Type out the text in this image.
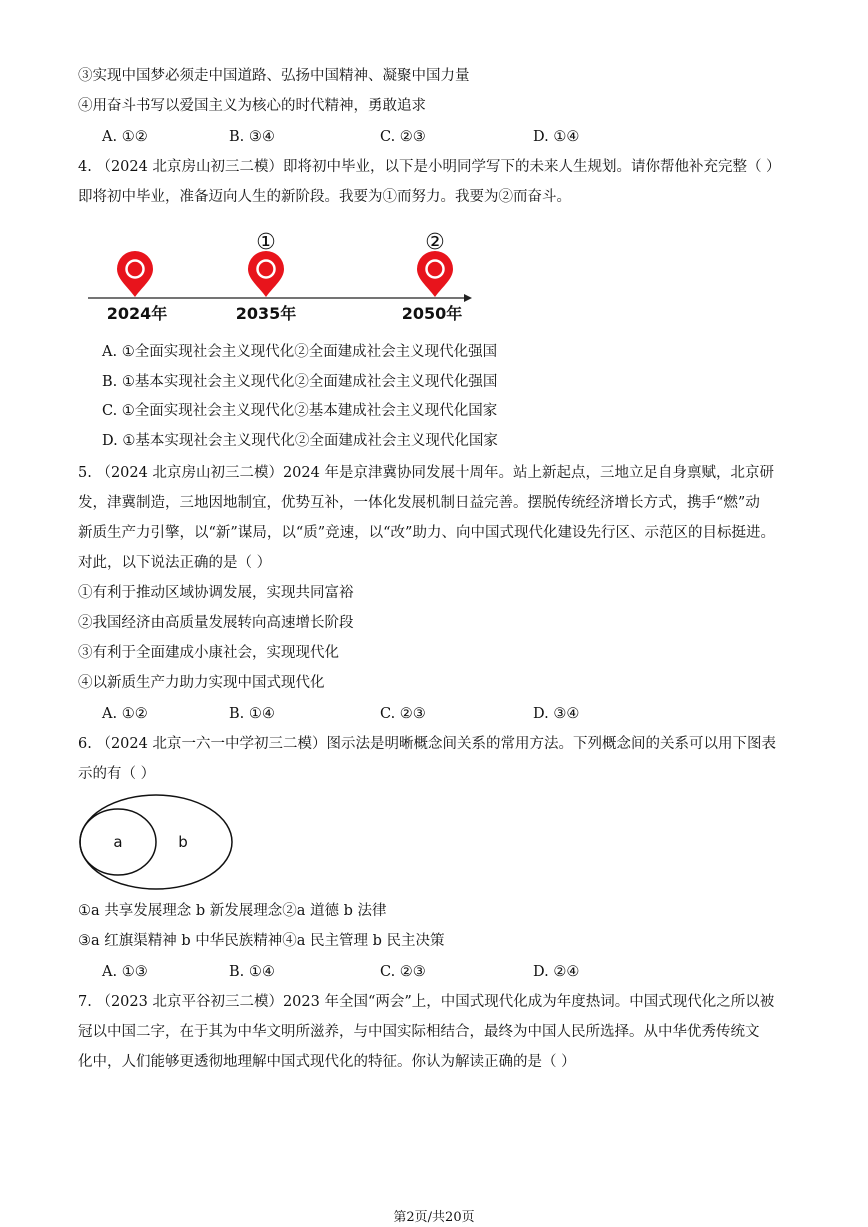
③实现中国梦必须走中国道路、弘扬中国精神、凝聚中国力量
④用奋斗书写以爱国主义为核心的时代精神，勇敢追求
A. ①②	B. ③④	C. ②③	D. ①④
4. （2024 北京房山初三二模）即将初中毕业，以下是小明同学写下的未来人生规划。请你帮他补充完整（ ）
即将初中毕业，准备迈向人生的新阶段。我要为①而努力。我要为②而奋斗。
①	②
2024年	2035年	2050年
A. ①全面实现社会主义现代化②全面建成社会主义现代化强国
B. ①基本实现社会主义现代化②全面建成社会主义现代化强国
C. ①全面实现社会主义现代化②基本建成社会主义现代化国家
D. ①基本实现社会主义现代化②全面建成社会主义现代化国家
5. （2024 北京房山初三二模）2024 年是京津冀协同发展十周年。站上新起点，三地立足自身禀赋，北京研
发，津冀制造，三地因地制宜，优势互补，一体化发展机制日益完善。摆脱传统经济增长方式，携手“燃”动
新质生产力引擎，以“新”谋局，以“质”竞速，以“改”助力、向中国式现代化建设先行区、示范区的目标挺进。
对此，以下说法正确的是（ ）
①有利于推动区域协调发展，实现共同富裕
②我国经济由高质量发展转向高速增长阶段
③有利于全面建成小康社会，实现现代化
④以新质生产力助力实现中国式现代化
A. ①②	B. ①④	C. ②③	D. ③④
6. （2024 北京一六一中学初三二模）图示法是明晰概念间关系的常用方法。下列概念间的关系可以用下图表
示的有（ ）
a	b
①a 共享发展理念 b 新发展理念②a 道德 b 法律
③a 红旗渠精神 b 中华民族精神④a 民主管理 b 民主决策
A. ①③	B. ①④	C. ②③	D. ②④
7. （2023 北京平谷初三二模）2023 年全国“两会”上，中国式现代化成为年度热词。中国式现代化之所以被
冠以中国二字，在于其为中华文明所滋养，与中国实际相结合，最终为中国人民所选择。从中华优秀传统文
化中，人们能够更透彻地理解中国式现代化的特征。你认为解读正确的是（ ）
第2页/共20页
